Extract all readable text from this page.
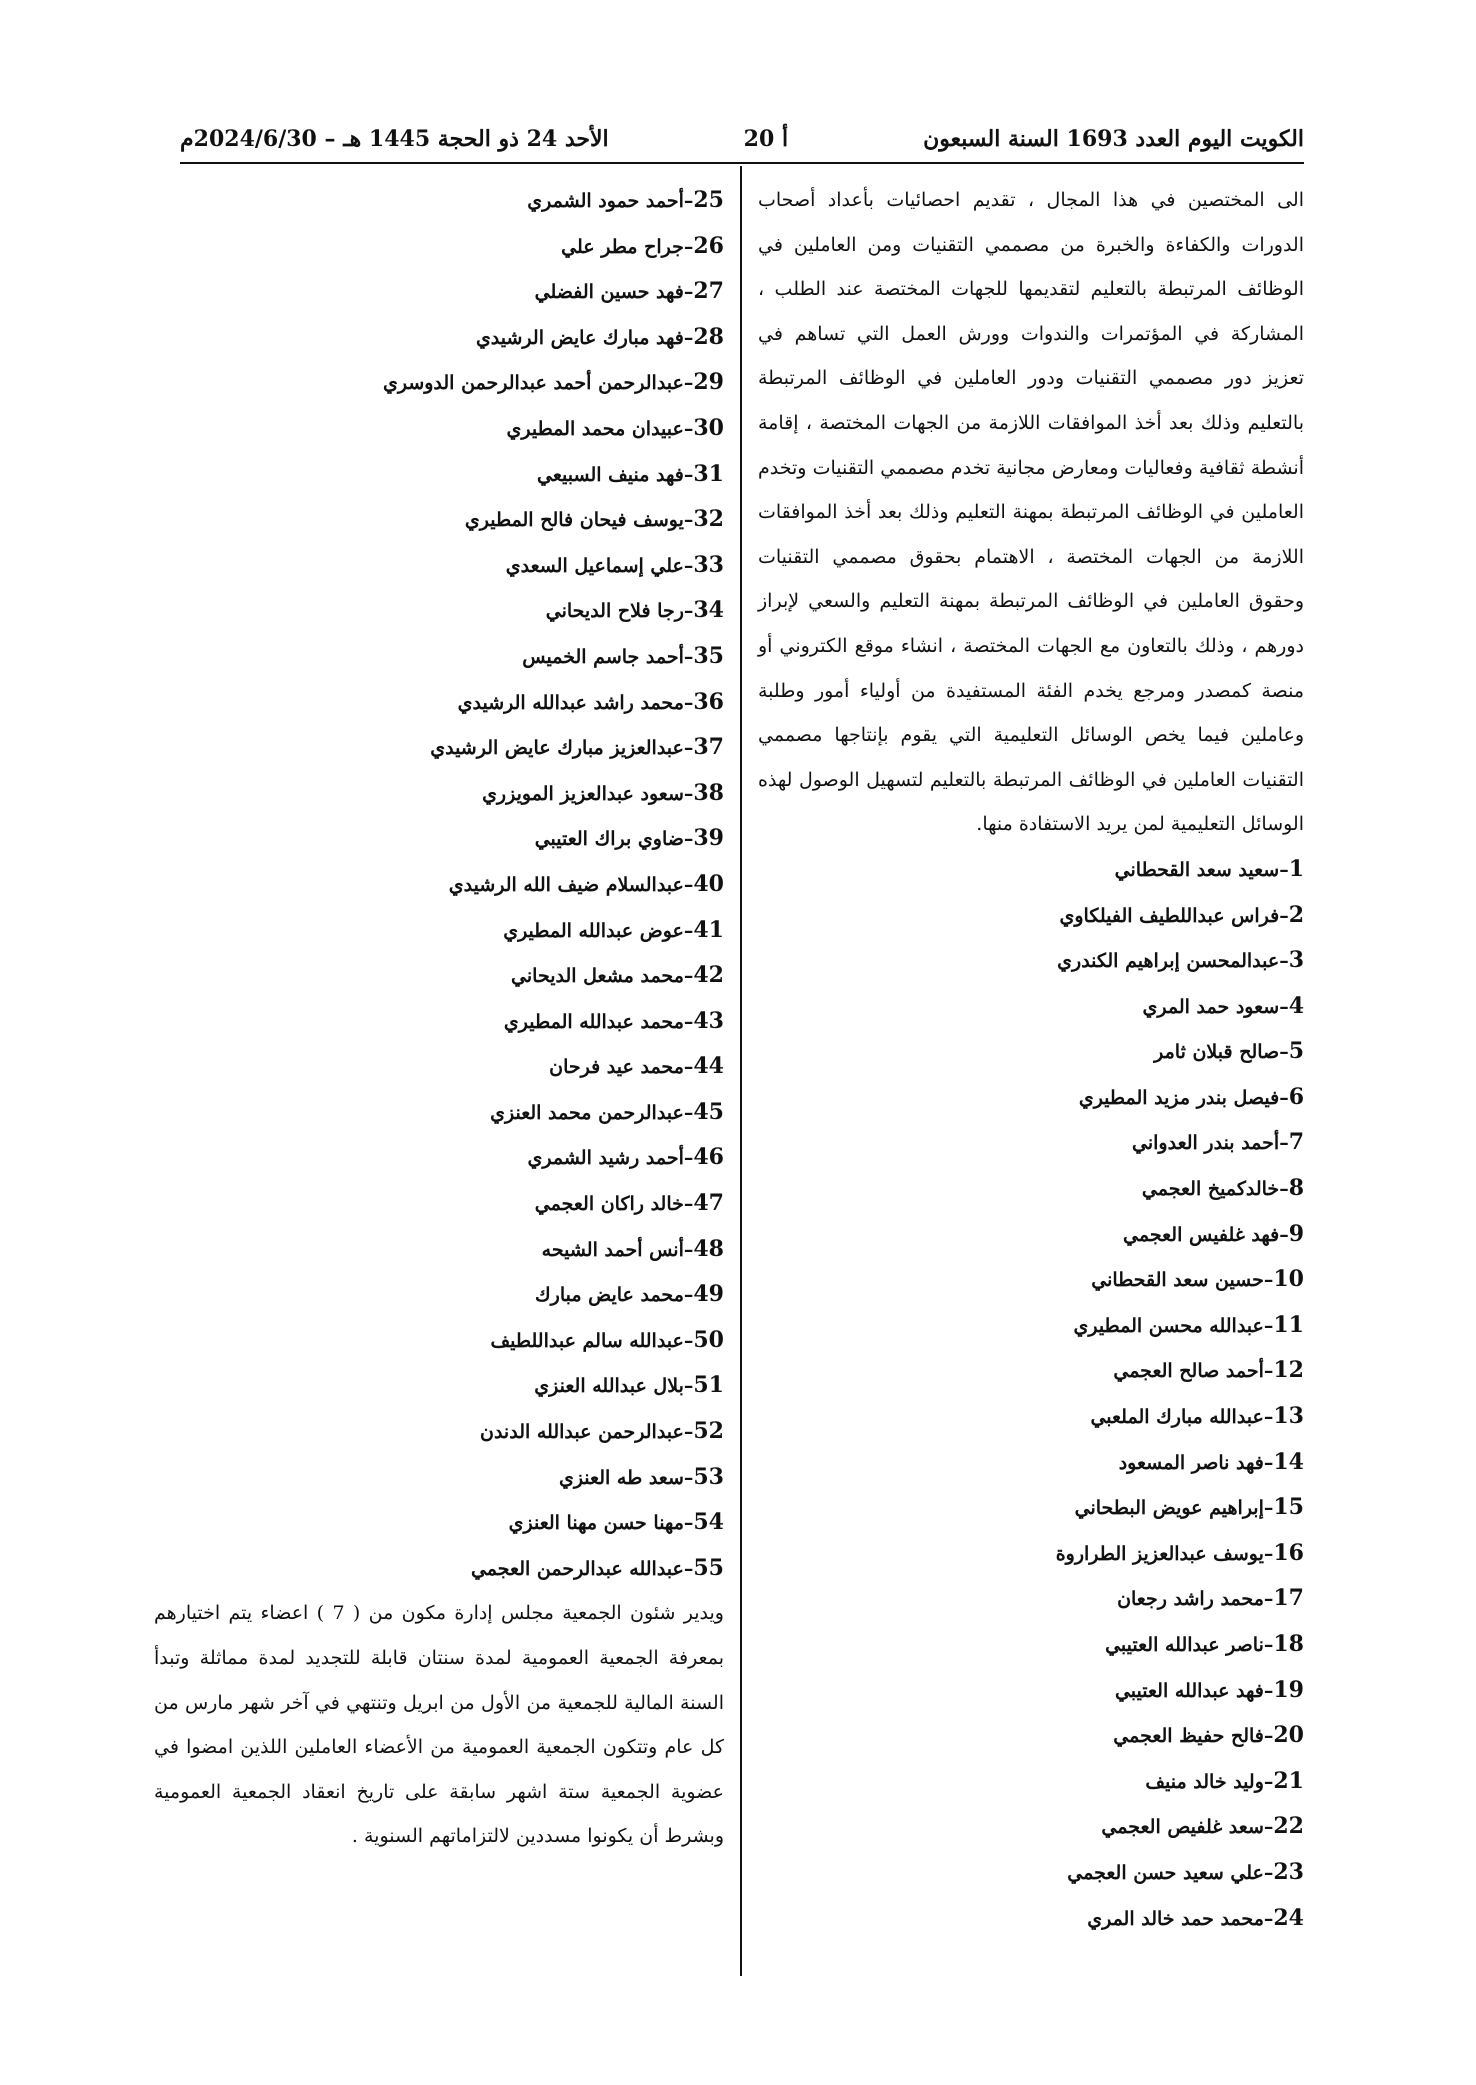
الكويت اليوم العدد 1693 السنة السبعون
أ 20
الأحد 24 ذو الحجة 1445 هـ – 2024/6/30م

الى المختصين في هذا المجال ، تقديم احصائيات بأعداد أصحاب الدورات والكفاءة والخبرة من مصممي التقنيات ومن العاملين في الوظائف المرتبطة بالتعليم لتقديمها للجهات المختصة عند الطلب ، المشاركة في المؤتمرات والندوات وورش العمل التي تساهم في تعزيز دور مصممي التقنيات ودور العاملين في الوظائف المرتبطة بالتعليم وذلك بعد أخذ الموافقات اللازمة من الجهات المختصة ، إقامة أنشطة ثقافية وفعاليات ومعارض مجانية تخدم مصممي التقنيات وتخدم العاملين في الوظائف المرتبطة بمهنة التعليم وذلك بعد أخذ الموافقات اللازمة من الجهات المختصة ، الاهتمام بحقوق مصممي التقنيات وحقوق العاملين في الوظائف المرتبطة بمهنة التعليم والسعي لإبراز دورهم ، وذلك بالتعاون مع الجهات المختصة ، انشاء موقع الكتروني أو منصة كمصدر ومرجع يخدم الفئة المستفيدة من أولياء أمور وطلبة وعاملين فيما يخص الوسائل التعليمية التي يقوم بإنتاجها مصممي التقنيات العاملين في الوظائف المرتبطة بالتعليم لتسهيل الوصول لهذه الوسائل التعليمية لمن يريد الاستفادة منها.

1–سعيد سعد القحطاني
2–فراس عبداللطيف الفيلكاوي
3–عبدالمحسن إبراهيم الكندري
4–سعود حمد المري
5–صالح قبلان ثامر
6–فيصل بندر مزيد المطيري
7–أحمد بندر العدواني
8–خالدكميخ العجمي
9–فهد غلفيس العجمي
10–حسين سعد القحطاني
11–عبدالله محسن المطيري
12–أحمد صالح العجمي
13–عبدالله مبارك الملعبي
14–فهد ناصر المسعود
15–إبراهيم عويض البطحاني
16–يوسف عبدالعزيز الطراروة
17–محمد راشد رجعان
18–ناصر عبدالله العتيبي
19–فهد عبدالله العتيبي
20–فالح حفيظ العجمي
21–وليد خالد منيف
22–سعد غلفيص العجمي
23–علي سعيد حسن العجمي
24–محمد حمد خالد المري
25–أحمد حمود الشمري
26–جراح مطر علي
27–فهد حسين الفضلي
28–فهد مبارك عايض الرشيدي
29–عبدالرحمن أحمد عبدالرحمن الدوسري
30–عبيدان محمد المطيري
31–فهد منيف السبيعي
32–يوسف فيحان فالح المطيري
33–علي إسماعيل السعدي
34–رجا فلاح الديحاني
35–أحمد جاسم الخميس
36–محمد راشد عبدالله الرشيدي
37–عبدالعزيز مبارك عايض الرشيدي
38–سعود عبدالعزيز المويزري
39–ضاوي براك العتيبي
40–عبدالسلام ضيف الله الرشيدي
41–عوض عبدالله المطيري
42–محمد مشعل الديحاني
43–محمد عبدالله المطيري
44–محمد عيد فرحان
45–عبدالرحمن محمد العنزي
46–أحمد رشيد الشمري
47–خالد راكان العجمي
48–أنس أحمد الشيحه
49–محمد عايض مبارك
50–عبدالله سالم عبداللطيف
51–بلال عبدالله العنزي
52–عبدالرحمن عبدالله الدندن
53–سعد طه العنزي
54–مهنا حسن مهنا العنزي
55–عبدالله عبدالرحمن العجمي

ويدير شئون الجمعية مجلس إدارة مكون من ( 7 ) اعضاء يتم اختيارهم بمعرفة الجمعية العمومية لمدة سنتان قابلة للتجديد لمدة مماثلة وتبدأ السنة المالية للجمعية من الأول من ابريل وتنتهي في آخر شهر مارس من كل عام وتتكون الجمعية العمومية من الأعضاء العاملين اللذين امضوا في عضوية الجمعية ستة اشهر سابقة على تاريخ انعقاد الجمعية العمومية وبشرط أن يكونوا مسددين لالتزاماتهم السنوية .
